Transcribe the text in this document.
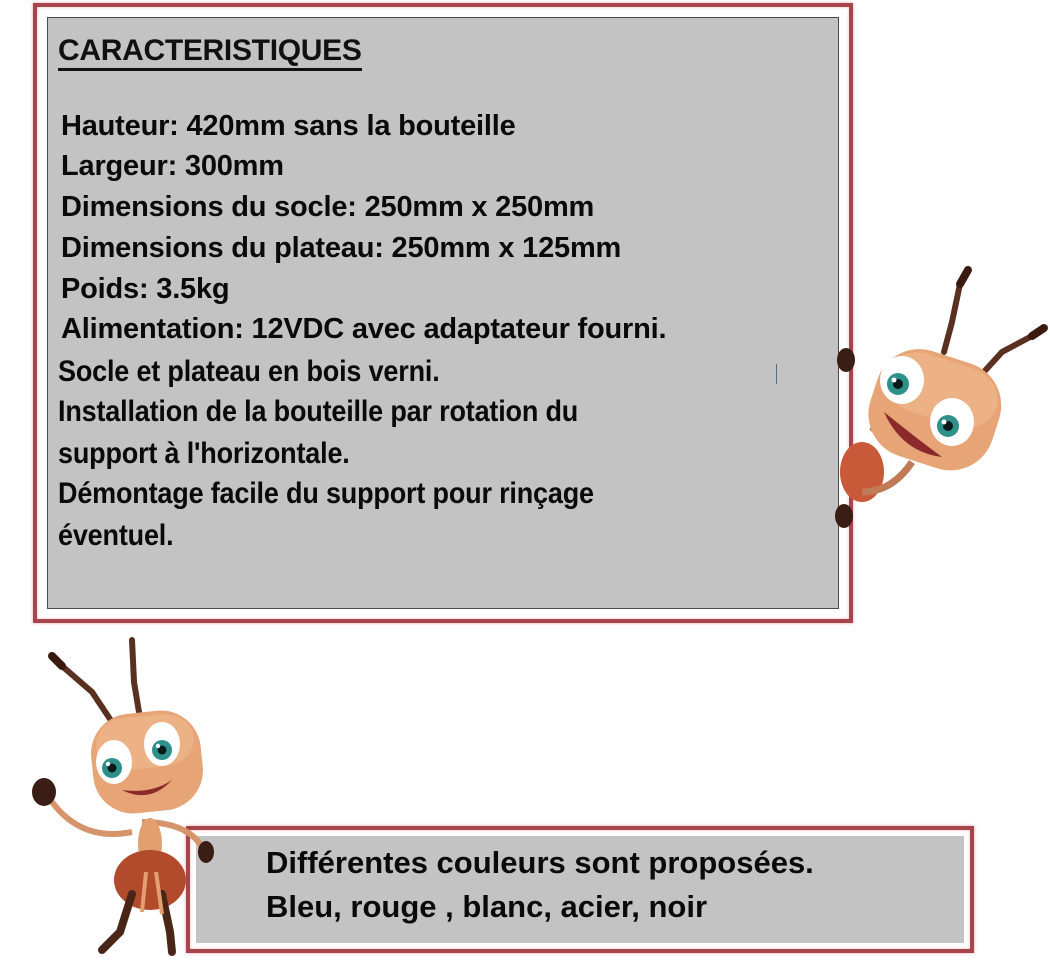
CARACTERISTIQUES
Hauteur: 420mm sans la bouteille
Largeur: 300mm
Dimensions du socle: 250mm x 250mm
Dimensions du plateau: 250mm x 125mm
Poids: 3.5kg
Alimentation: 12VDC avec adaptateur fourni.
Socle et plateau en bois verni.
Installation de la bouteille par rotation du
support à l'horizontale.
Démontage facile du support pour rinçage
éventuel.
Différentes couleurs sont proposées.
Bleu, rouge , blanc, acier, noir
